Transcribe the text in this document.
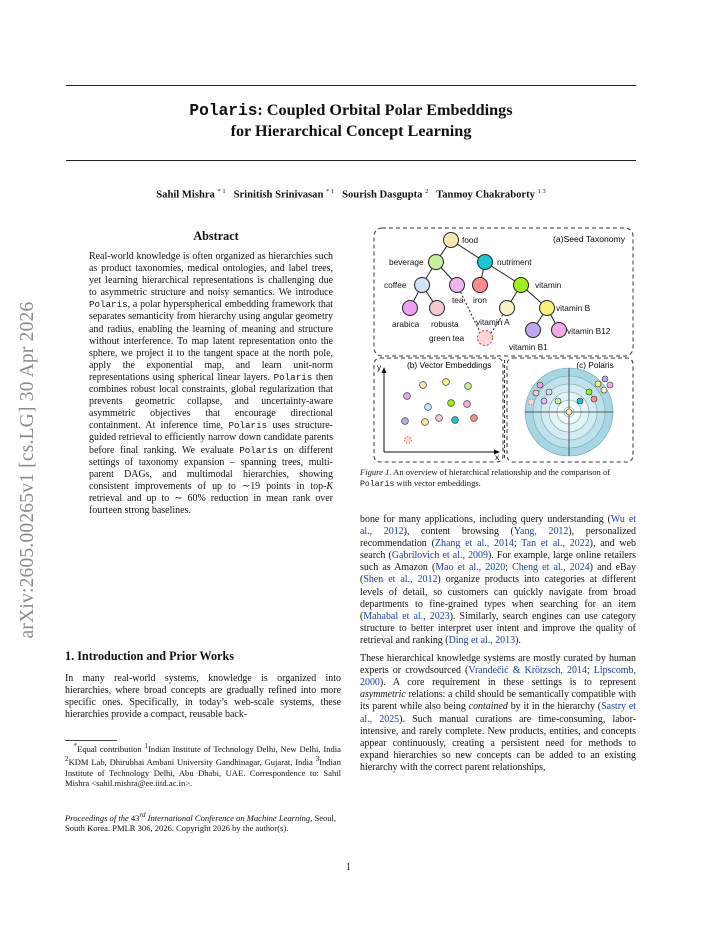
Polaris: Coupled Orbital Polar Embeddings
for Hierarchical Concept Learning
Sahil Mishra $^{* 1}$ Srinitish Srinivasan $^{* 1}$ Sourish Dasgupta $^2$ Tanmoy Chakraborty $^{1 3}$
arXiv:2605.00265v1 [cs.LG] 30 Apr 2026
Abstract
Real-world knowledge is often organized as hierarchies such as product taxonomies, medical ontologies, and label trees, yet learning hierarchical representations is challenging due to asymmetric structure and noisy semantics. We introduce Polaris, a polar hyperspherical embedding framework that separates semanticity from hierarchy using angular geometry and radius, enabling the learning of meaning and structure without interference. To map latent representation onto the sphere, we project it to the tangent space at the north pole, apply the exponential map, and learn unit-norm representations using spherical linear layers. Polaris then combines robust local constraints, global regularization that prevents geometric collapse, and uncertainty-aware asymmetric objectives that encourage directional containment. At inference time, Polaris uses structure-guided retrieval to efficiently narrow down candidate parents before final ranking. We evaluate Polaris on different settings of taxonomy expansion – spanning trees, multi-parent DAGs, and multimodal hierarchies, showing consistent improvements of up to ∼19 points in top-K retrieval and up to ∼ 60% reduction in mean rank over fourteen strong baselines.
1. Introduction and Prior Works
In many real-world systems, knowledge is organized into hierarchies, where broad concepts are gradually refined into more specific ones. Specifically, in today’s web-scale systems, these hierarchies provide a compact, reusable back-
*Equal contribution $^1$Indian Institute of Technology Delhi, New Delhi, India $^2$KDM Lab, Dhirubhai Ambani University Gandhinagar, Gujarat, India $^3$Indian Institute of Technology Delhi, Abu Dhabi, UAE. Correspondence to: Sahil Mishra <sahil.mishra@ee.iitd.ac.in>.
Proceedings of the 43rd International Conference on Machine Learning, Seoul, South Korea. PMLR 306, 2026. Copyright 2026 by the author(s).
(a)Seed Taxonomy
food
beverage	nutriment
coffee
tea iron
vitamin
arabica robusta vitamin A
vitamin B
green tea
vitamin B12
vitamin B1
(b) Vector Embeddings
y
x
(c) Polaris
Figure 1. An overview of hierarchical relationship and the comparison of Polaris with vector embeddings.

bone for many applications, including query understanding (Wu et al., 2012), content browsing (Yang, 2012), personalized recommendation (Zhang et al., 2014; Tan et al., 2022), and web search (Gabrilovich et al., 2009). For example, large online retailers such as Amazon (Mao et al., 2020; Cheng et al., 2024) and eBay (Shen et al., 2012) organize products into categories at different levels of detail, so customers can quickly navigate from broad departments to fine-grained types when searching for an item (Mahabal et al., 2023). Similarly, search engines can use category structure to better interpret user intent and improve the quality of retrieval and ranking (Ding et al., 2013).

These hierarchical knowledge systems are mostly curated by human experts or crowdsourced (Vrandečić & Krötzsch, 2014; Lipscomb, 2000). A core requirement in these settings is to represent asymmetric relations: a child should be semantically compatible with its parent while also being contained by it in the hierarchy (Sastry et al., 2025). Such manual curations are time-consuming, labor-intensive, and rarely complete. New products, entities, and concepts appear continuously, creating a persistent need for methods to expand hierarchies so new concepts can be added to an existing hierarchy with the correct parent relationships,

1
